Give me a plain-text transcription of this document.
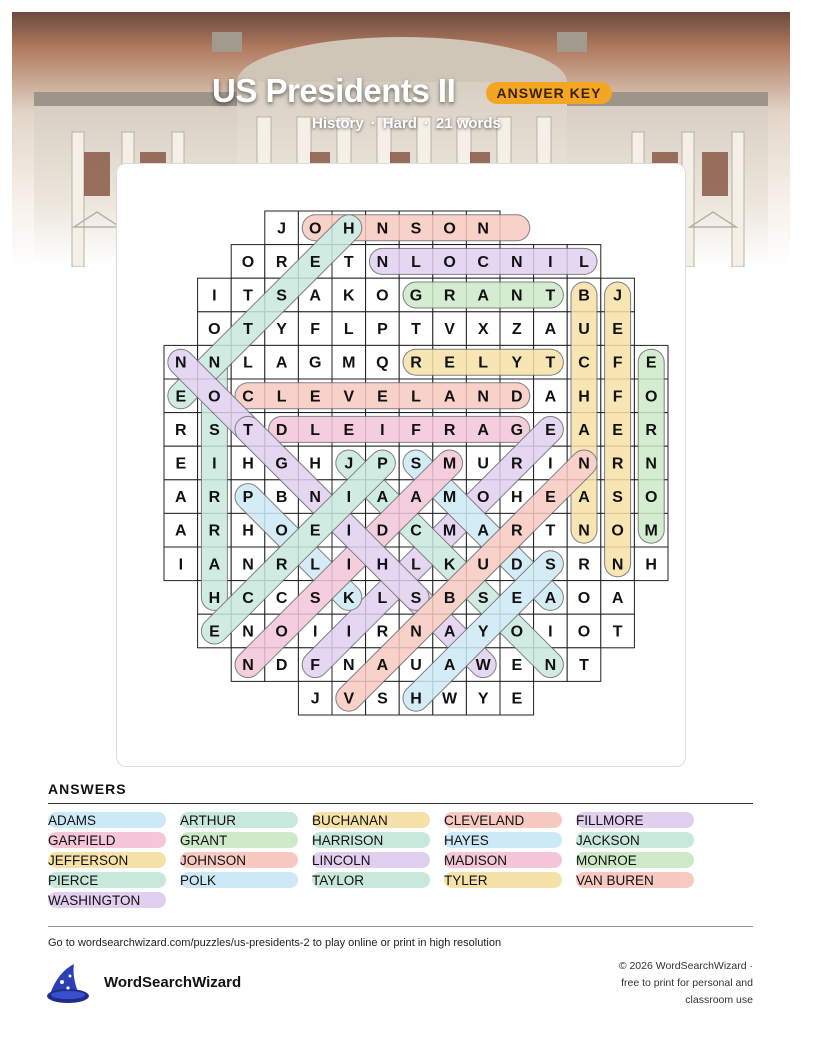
US Presidents II	ANSWER KEY
History · Hard · 21 words
J O H N S O N
O R E T N L O C N I L
I T S A K O G R A N T B J
O T Y F L P T V X Z A U E
N N L A G M Q R E L Y T C F E
E O C L E V E L A N D A H F O
R S T D L E I F R A G E A E R
E I H G H J P S M U R I N R N
A R P B N I A A M O H E A S O
A R H O E I D C M A R T N O M
I A N R L I H L K U D S R N H
H C C S K L S B S E A O A
E N O I I R N A Y O I O T
N D F N A U A W E N T
J V S H W Y E
ANSWERS
ADAMS	ARTHUR	BUCHANAN	CLEVELAND	FILLMORE
GARFIELD	GRANT	HARRISON	HAYES	JACKSON
JEFFERSON	JOHNSON	LINCOLN	MADISON	MONROE
PIERCE	POLK	TAYLOR	TYLER	VAN BUREN
WASHINGTON
Go to wordsearchwizard.com/puzzles/us-presidents-2 to play online or print in high resolution
WordSearchWizard
© 2026 WordSearchWizard ·
free to print for personal and
classroom use
